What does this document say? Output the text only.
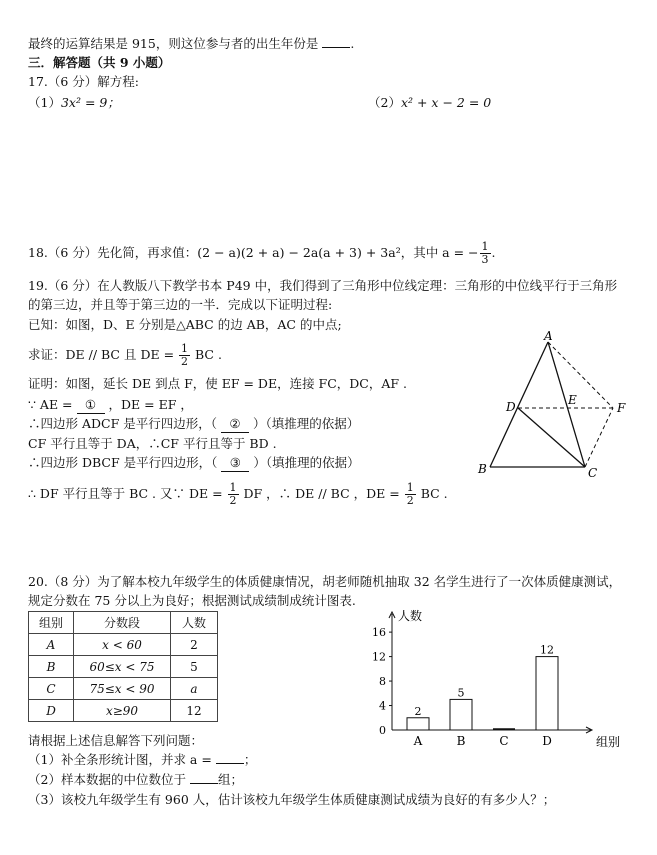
最终的运算结果是 915，则这位参与者的出生年份是	.
三．解答题（共 9 小题）
17.（6 分）解方程:
（1）3x² = 9；	（2）x² + x − 2 = 0
18.（6 分）先化简，再求值：(2 − a)(2 + a) − 2a(a + 3) + 3a²，其中 a = − $\frac{1}{3}$ .
19.（6 分）在人教版八下教学书本 P49 中，我们得到了三角形中位线定理：三角形的中位线平行于三角形
的第三边，并且等于第三边的一半．完成以下证明过程:
已知：如图，D、E 分别是△ABC 的边 AB，AC 的中点;
求证：DE // BC 且 DE = $\frac{1}{2}$ BC .
证明：如图，延长 DE 到点 F，使 EF = DE，连接 FC，DC，AF .
∵ AE = ① ，DE = EF ，
∴四边形 ADCF 是平行四边形，（ ② ）（填推理的依据）
CF 平行且等于 DA，∴CF 平行且等于 BD .
∴四边形 DBCF 是平行四边形，（ ③ ）（填推理的依据）
∴ DF 平行且等于 BC . 又∵ DE = $\frac{1}{2}$ DF ，∴ DE // BC ，DE = $\frac{1}{2}$ BC .
A
B	C
D	E
F
20.（8 分）为了解本校九年级学生的体质健康情况，胡老师随机抽取 32 名学生进行了一次体质健康测试，
规定分数在 75 分以上为良好；根据测试成绩制成统计图表.
组别	分数段	人数
A	x < 60	2
B	60≤x < 75	5
C	75≤x < 90	a
D	x≥90	12
人数
组别
0
4
8
12
16
2
A
5
B	C
12
D
请根据上述信息解答下列问题：
（1）补全条形统计图，并求 a =	；
（2）样本数据的中位数位于	组；
（3）该校九年级学生有 960 人，估计该校九年级学生体质健康测试成绩为良好的有多少人？；
